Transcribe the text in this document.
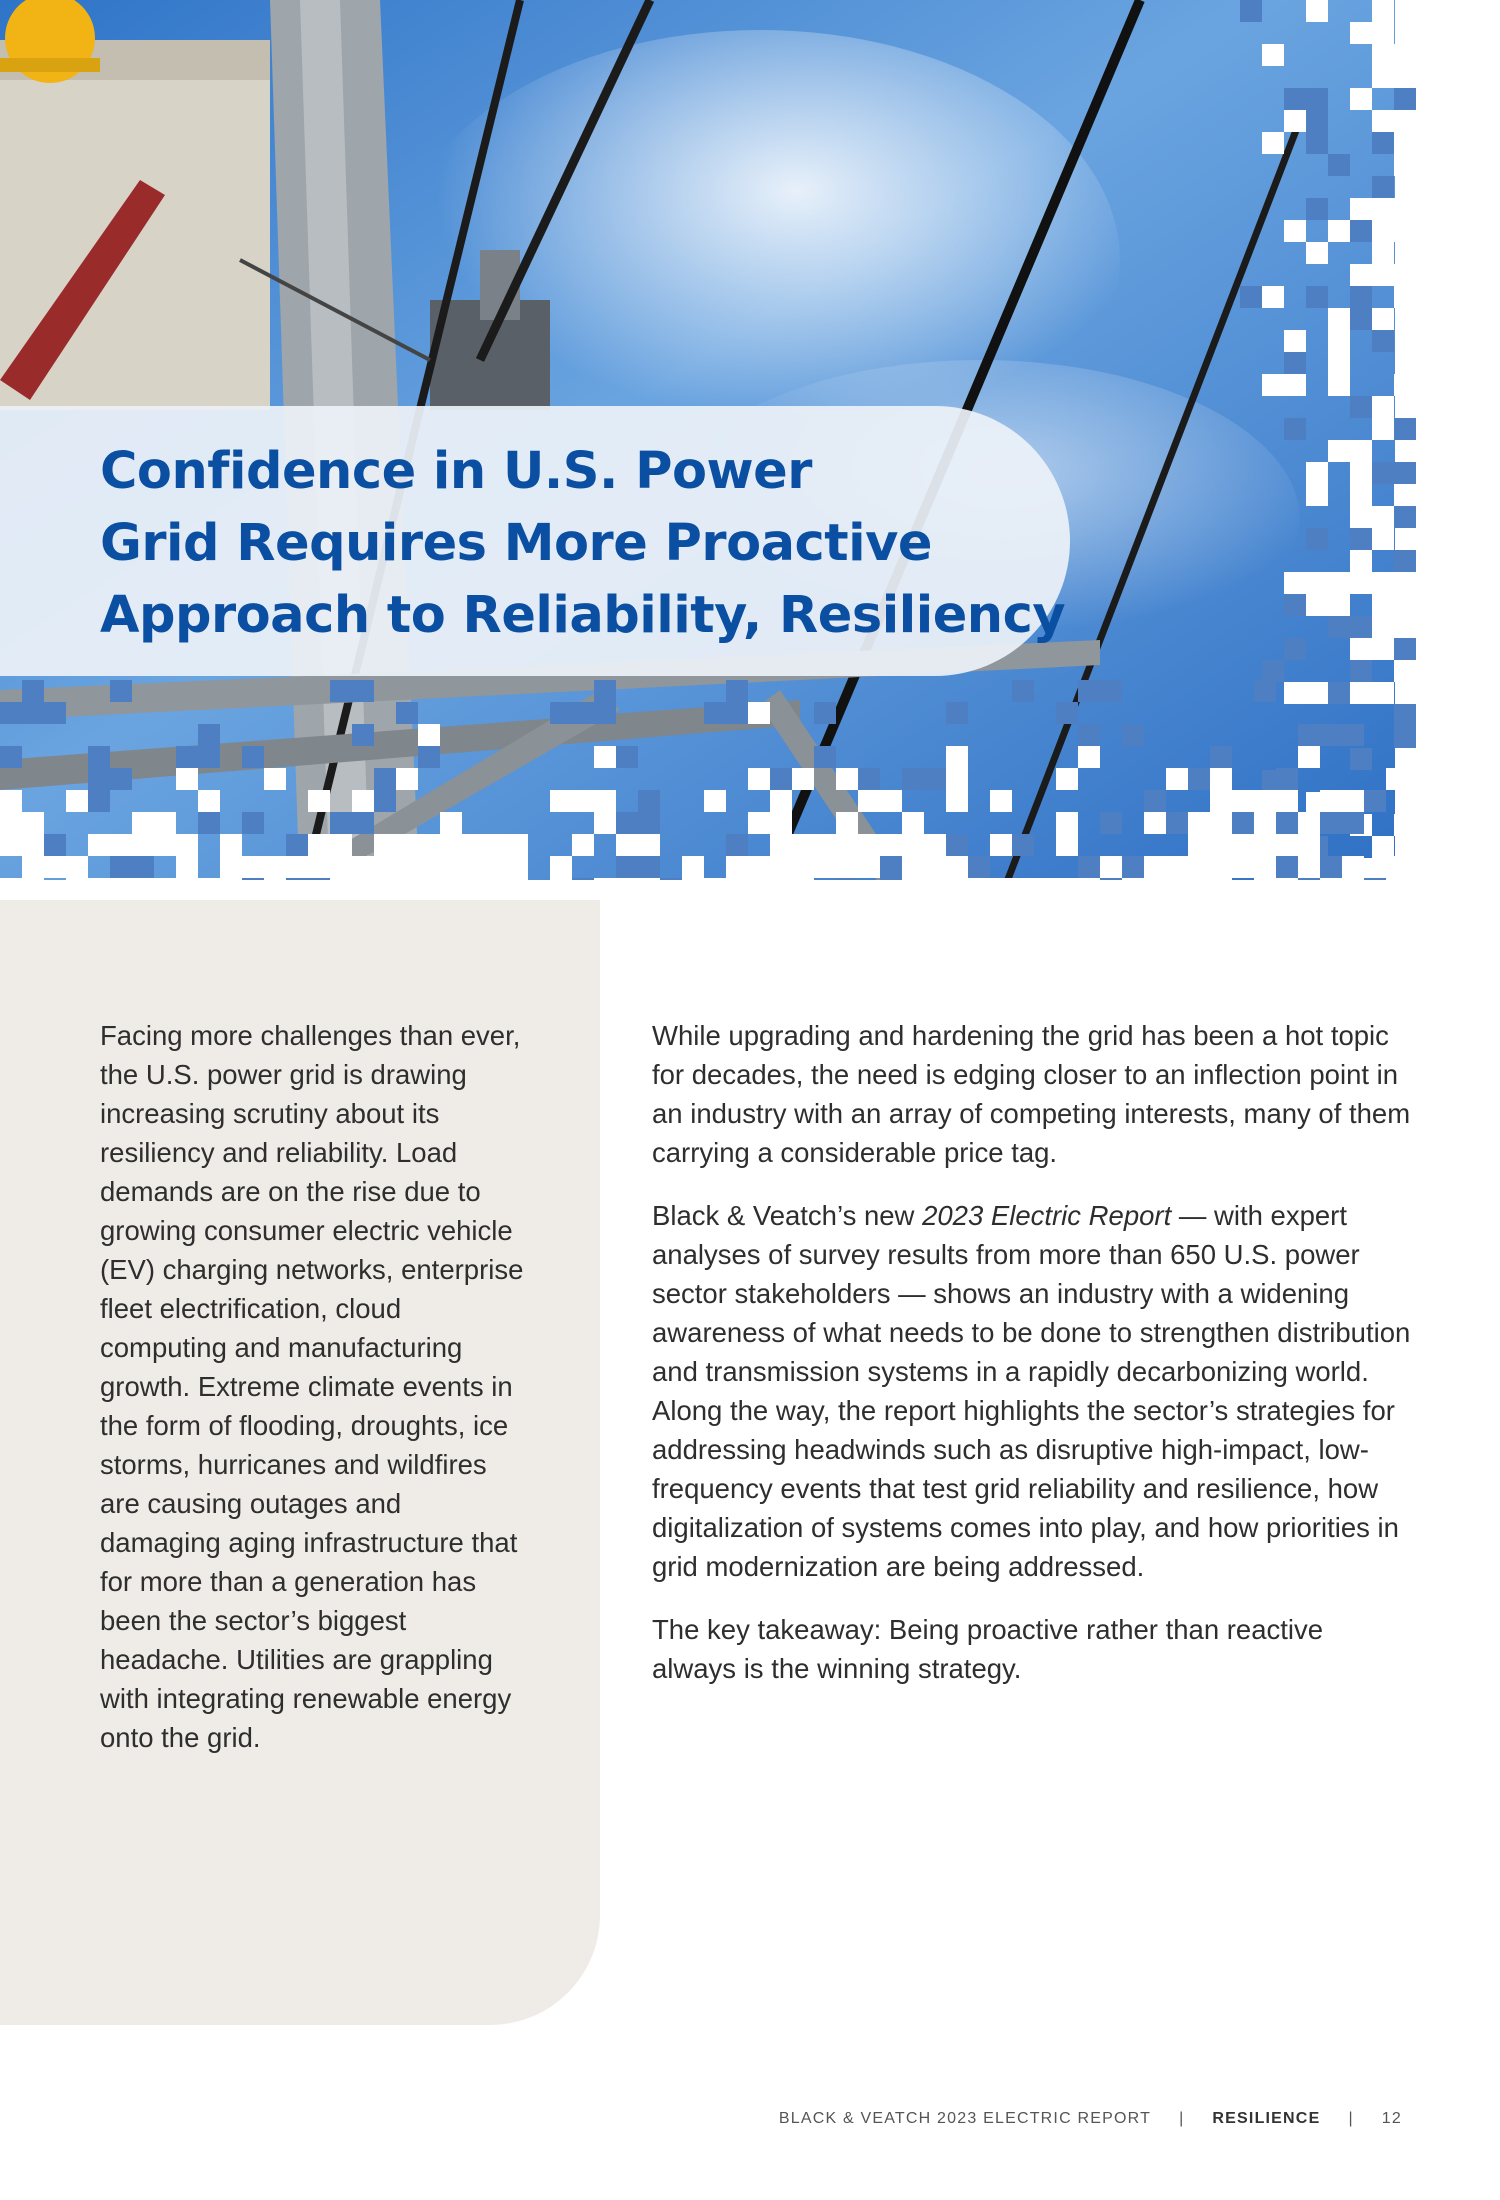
Confidence in U.S. Power
Grid Requires More Proactive
Approach to Reliability, Resiliency

Facing more challenges than ever, the U.S. power grid is drawing increasing scrutiny about its resiliency and reliability. Load demands are on the rise due to growing consumer electric vehicle (EV) charging networks, enterprise fleet electrification, cloud computing and manufacturing growth. Extreme climate events in the form of flooding, droughts, ice storms, hurricanes and wildfires are causing outages and damaging aging infrastructure that for more than a generation has been the sector’s biggest headache. Utilities are grappling with integrating renewable energy onto the grid.

While upgrading and hardening the grid has been a hot topic for decades, the need is edging closer to an inflection point in an industry with an array of competing interests, many of them carrying a considerable price tag.

Black & Veatch’s new 2023 Electric Report — with expert analyses of survey results from more than 650 U.S. power sector stakeholders — shows an industry with a widening awareness of what needs to be done to strengthen distribution and transmission systems in a rapidly decarbonizing world. Along the way, the report highlights the sector’s strategies for addressing headwinds such as disruptive high-impact, low-frequency events that test grid reliability and resilience, how digitalization of systems comes into play, and how priorities in grid modernization are being addressed.

The key takeaway: Being proactive rather than reactive always is the winning strategy.

BLACK & VEATCH 2023 ELECTRIC REPORT | RESILIENCE | 12
